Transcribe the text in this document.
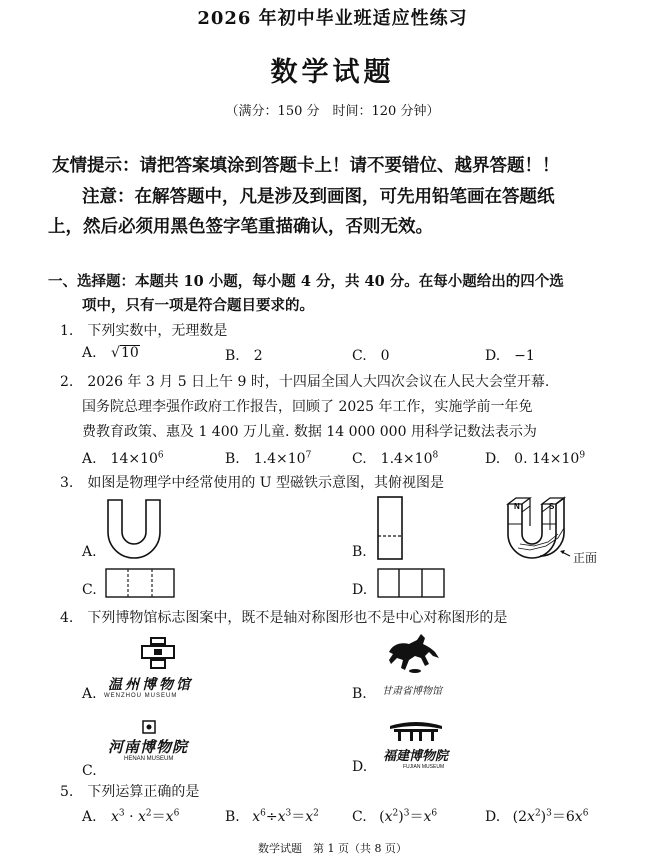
2026 年初中毕业班适应性练习
数学试题
（满分：150 分　时间：120 分钟）
友情提示：请把答案填涂到答题卡上！请不要错位、越界答题！！
注意：在解答题中，凡是涉及到画图，可先用铅笔画在答题纸
上，然后必须用黑色签字笔重描确认，否则无效。
一、选择题：本题共 10 小题，每小题 4 分，共 40 分。在每小题给出的四个选
项中，只有一项是符合题目要求的。
1.　下列实数中，无理数是
A. √10	B.　2	C.　0	D.　−1
2.　2026 年 3 月 5 日上午 9 时，十四届全国人大四次会议在人民大会堂开幕.
国务院总理李强作政府工作报告，回顾了 2025 年工作，实施学前一年免
费教育政策、惠及 1 400 万儿童. 数据 14 000 000 用科学记数法表示为
A.　$14\times 10^6$	B.　$1.4\times 10^7$	C.　$1.4\times 10^8$	D.　0. $14\times 10^9$
3.　如图是物理学中经常使用的 U 型磁铁示意图，其俯视图是
A.	B.
N	S
正面
C.	D.
4.　下列博物馆标志图案中，既不是轴对称图形也不是中心对称图形的是
A.
温州博物馆
WENZHOU MUSEUM	B. 甘肃省博物馆
C.
河南博物院
HENAN MUSEUM	D.
福建博物院
FUJIAN MUSEUM
5.　下列运算正确的是
A. $x^3 \cdot x^2=x^6$	B. $x^6\div x^3=x^2$ C. $(x^2)^3=x^6$	D. $(2x^2)^3=6x^6$
数学试题　第 1 页（共 8 页）
